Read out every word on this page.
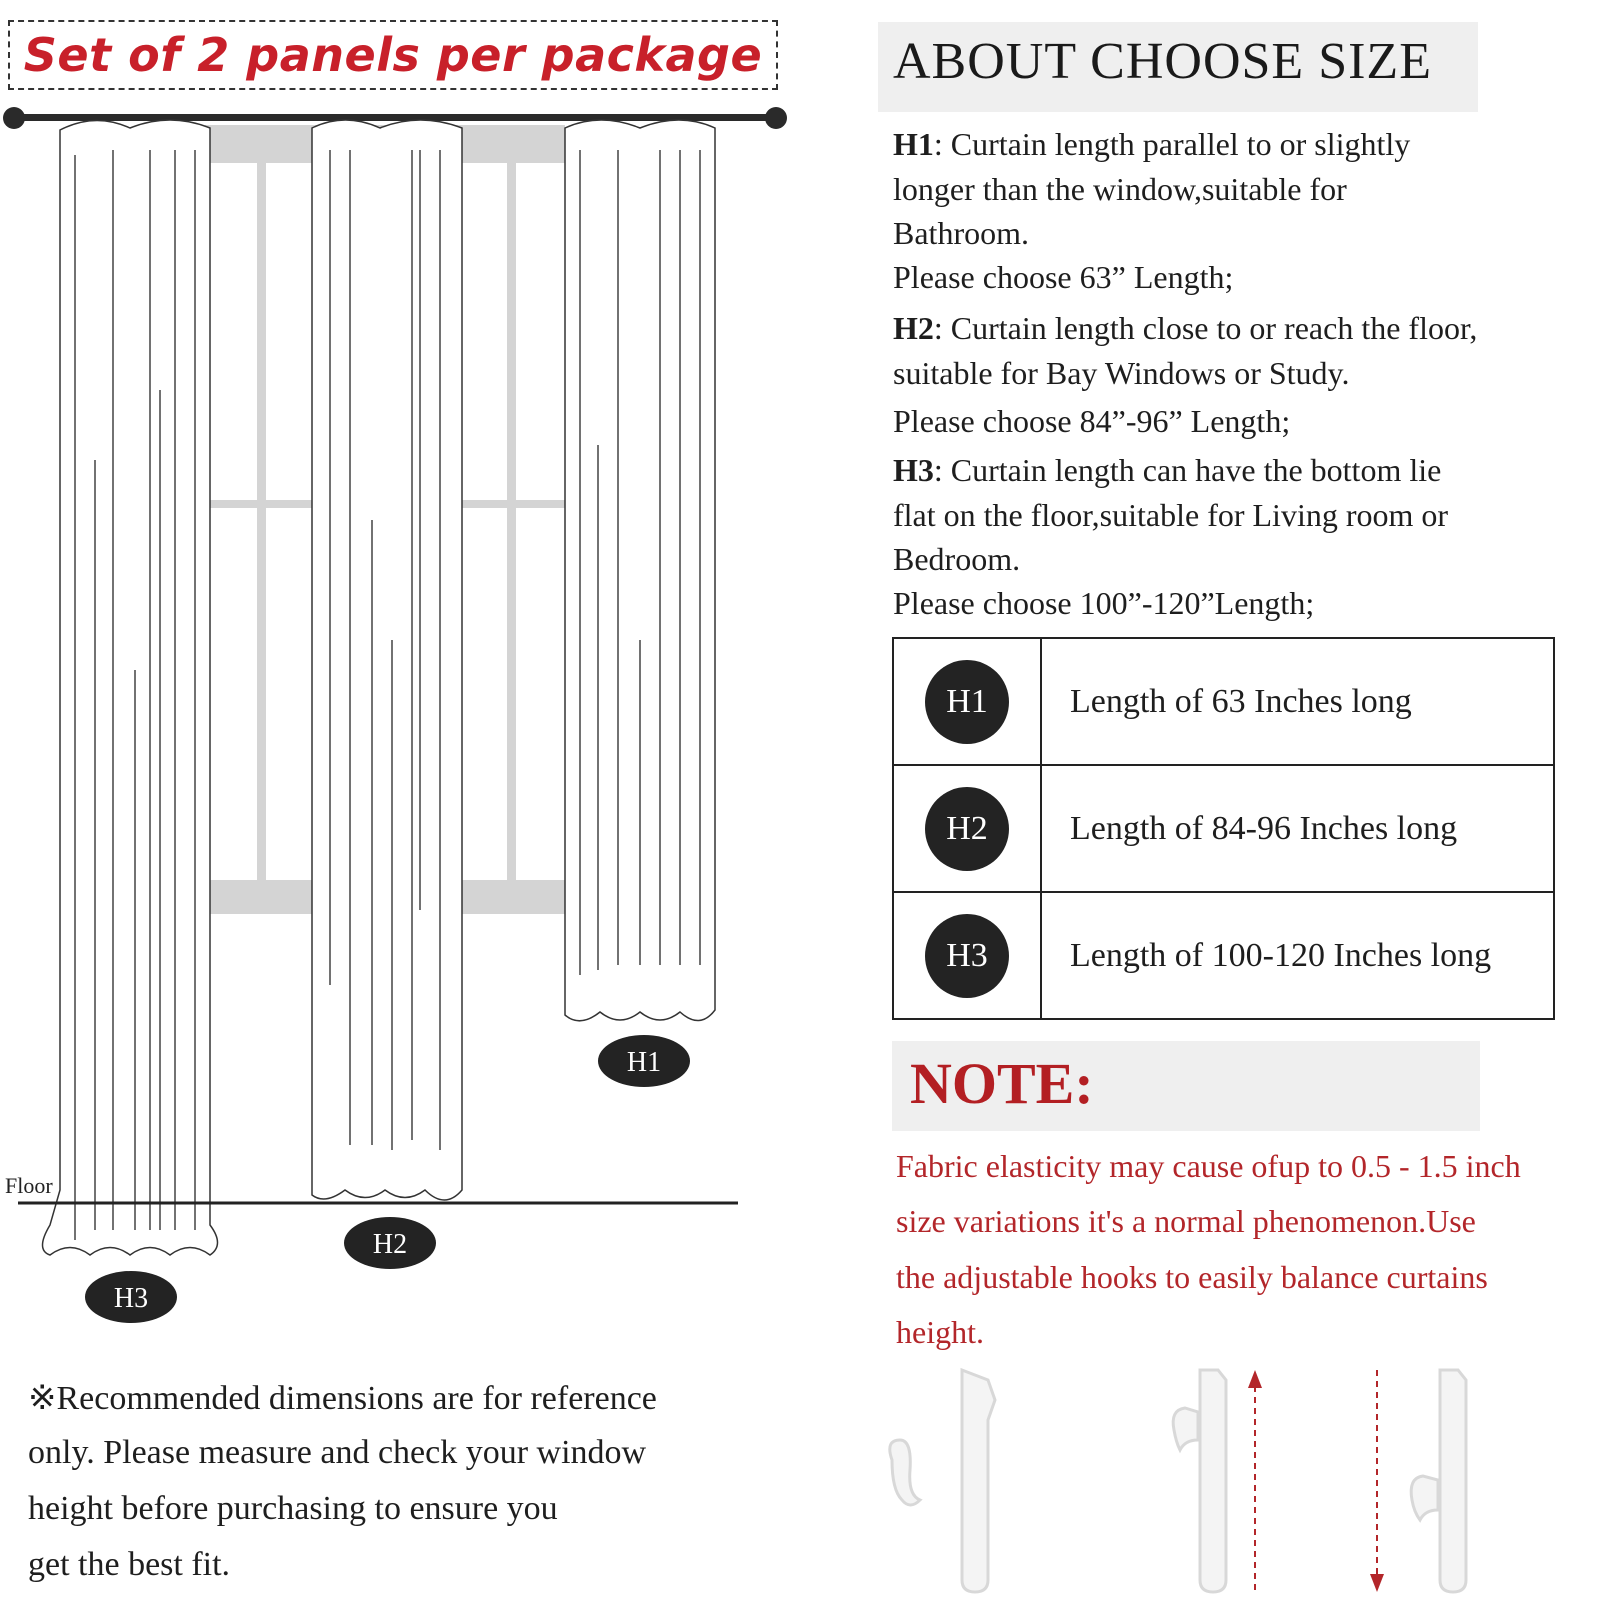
Set of 2 panels per package
Floor
H1
H2
H3
ABOUT CHOOSE SIZE
H1: Curtain length parallel to or slightly
longer than the window,suitable for
Bathroom.
Please choose 63” Length;
H2: Curtain length close to or reach the floor,
suitable for Bay Windows or Study.
Please choose 84”-96” Length;
H3: Curtain length can have the bottom lie
flat on the floor,suitable for Living room or
Bedroom.
Please choose 100”-120”Length;
H1	Length of 63 Inches long
H2	Length of 84-96 Inches long
H3	Length of 100-120 Inches long
NOTE:
Fabric elasticity may cause ofup to 0.5 - 1.5 inch
size variations it's a normal phenomenon.Use
the adjustable hooks to easily balance curtains
height.
※Recommended dimensions are for reference
only. Please measure and check your window
height before purchasing to ensure you
get the best fit.
